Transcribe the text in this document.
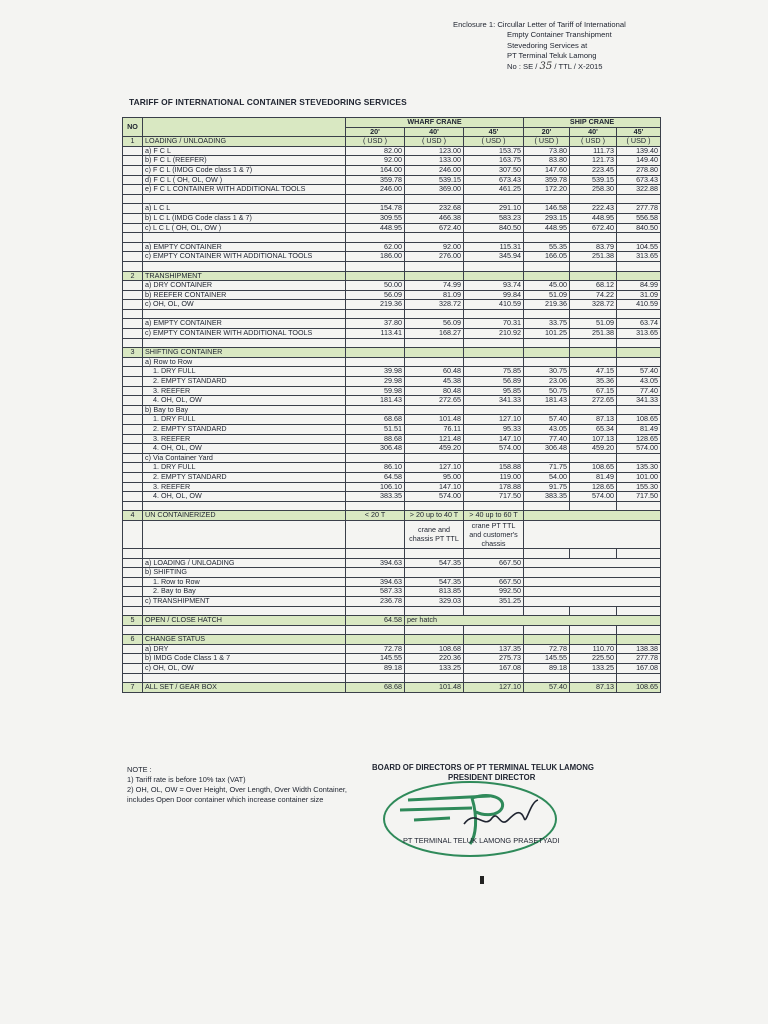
Enclosure 1: Circullar Letter of Tariff of International
Empty Container Transhipment
Stevedoring Services at
PT Terminal Teluk Lamong
No : SE / 35 / TTL / X-2015
TARIFF OF INTERNATIONAL CONTAINER STEVEDORING SERVICES
NO		WHARF CRANE			SHIP CRANE		
		20'	40'	45'	20'	40'	45'
1	LOADING / UNLOADING	( USD )	( USD )	( USD )	( USD )	( USD )	( USD )
	a) F C L	82.00	123.00	153.75	73.80	111.73	139.40
	b) F C L (REEFER)	92.00	133.00	163.75	83.80	121.73	149.40
	c) F C L (IMDG Code class 1 & 7)	164.00	246.00	307.50	147.60	223.45	278.80
	d) F C L ( OH, OL, OW )	359.78	539.15	673.43	359.78	539.15	673.43
	e) F C L CONTAINER WITH ADDITIONAL TOOLS	246.00	369.00	461.25	172.20	258.30	322.88

	a) L C L	154.78	232.68	291.10	146.58	222.43	277.78
	b) L C L (IMDG Code class 1 & 7)	309.55	466.38	583.23	293.15	448.95	556.58
	c) L C L ( OH, OL, OW )	448.95	672.40	840.50	448.95	672.40	840.50

	a) EMPTY CONTAINER	62.00	92.00	115.31	55.35	83.79	104.55
	c) EMPTY CONTAINER WITH ADDITIONAL TOOLS	186.00	276.00	345.94	166.05	251.38	313.65

2	TRANSHIPMENT						
	a) DRY CONTAINER	50.00	74.99	93.74	45.00	68.12	84.99
	b) REEFER CONTAINER	56.09	81.09	99.84	51.09	74.22	31.09
	c) OH, OL, OW	219.36	328.72	410.59	219.36	328.72	410.59

	a) EMPTY CONTAINER	37.80	56.09	70.31	33.75	51.09	63.74
	c) EMPTY CONTAINER WITH ADDITIONAL TOOLS	113.41	168.27	210.92	101.25	251.38	313.65

3	SHIFTING CONTAINER						
	a) Row to Row						
	1. DRY FULL	39.98	60.48	75.85	30.75	47.15	57.40
	2. EMPTY STANDARD	29.98	45.38	56.89	23.06	35.36	43.05
	3. REEFER	59.98	80.48	95.85	50.75	67.15	77.40
	4. OH, OL, OW	181.43	272.65	341.33	181.43	272.65	341.33
	b) Bay to Bay						
	1. DRY FULL	68.68	101.48	127.10	57.40	87.13	108.65
	2. EMPTY STANDARD	51.51	76.11	95.33	43.05	65.34	81.49
	3. REEFER	88.68	121.48	147.10	77.40	107.13	128.65
	4. OH, OL, OW	306.48	459.20	574.00	306.48	459.20	574.00
	c) Via Container Yard						
	1. DRY FULL	86.10	127.10	158.88	71.75	108.65	135.30
	2. EMPTY STANDARD	64.58	95.00	119.00	54.00	81.49	101.00
	3. REEFER	106.10	147.10	178.88	91.75	128.65	155.30
	4. OH, OL, OW	383.35	574.00	717.50	383.35	574.00	717.50

4	UN CONTAINERIZED	< 20 T	> 20 up to 40 T	> 40 up to 60 T			
			crane and chassis PT TTL	crane PT TTL and customer's chassis			

	a) LOADING / UNLOADING	394.63	547.35	667.50			
	b) SHIFTING						
	1. Row to Row	394.63	547.35	667.50			
	2. Bay to Bay	587.33	813.85	992.50			
	c) TRANSHIPMENT	236.78	329.03	351.25			

5	OPEN / CLOSE HATCH	64.58	per hatch				

6	CHANGE STATUS						
	a) DRY	72.78	108.68	137.35	72.78	110.70	138.38
	b) IMDG Code Class 1 & 7	145.55	220.36	275.73	145.55	225.50	277.78
	c) OH, OL, OW	89.18	133.25	167.08	89.18	133.25	167.08

7	ALL SET / GEAR BOX	68.68	101.48	127.10	57.40	87.13	108.65
NOTE :
1) Tariff rate is before 10% tax (VAT)
2) OH, OL, OW = Over Height, Over Length, Over Width Container, includes Open Door container which increase container size
BOARD OF DIRECTORS OF PT TERMINAL TELUK LAMONG
PRESIDENT DIRECTOR
PT TERMINAL TELUK LAMONG PRASETYADI
